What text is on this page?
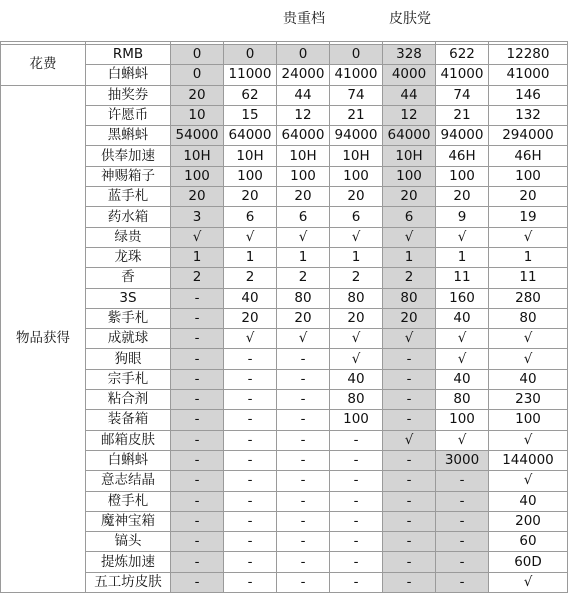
贵重档	皮肤党

花费	RMB	0	0	0	0	328	622	12280
	白蝌蚪	0	11000	24000	41000	4000	41000	41000
物品获得	抽奖券	20	62	44	74	44	74	146
	许愿币	10	15	12	21	12	21	132
	黑蝌蚪	54000	64000	64000	94000	64000	94000	294000
	供奉加速	10H	10H	10H	10H	10H	46H	46H
	神赐箱子	100	100	100	100	100	100	100
	蓝手札	20	20	20	20	20	20	20
	药水箱	3	6	6	6	6	9	19
	绿贵	√	√	√	√	√	√	√
	龙珠	1	1	1	1	1	1	1
	香	2	2	2	2	2	11	11
	3S	-	40	80	80	80	160	280
	紫手札	-	20	20	20	20	40	80
	成就球	-	√	√	√	√	√	√
	狗眼	-	-	-	√	-	√	√
	宗手札	-	-	-	40	-	40	40
	粘合剂	-	-	-	80	-	80	230
	装备箱	-	-	-	100	-	100	100
	邮箱皮肤	-	-	-	-	√	√	√
	白蝌蚪	-	-	-	-	-	3000	144000
	意志结晶	-	-	-	-	-	-	√
	橙手札	-	-	-	-	-	-	40
	魔神宝箱	-	-	-	-	-	-	200
	镐头	-	-	-	-	-	-	60
	提炼加速	-	-	-	-	-	-	60D
	五工坊皮肤	-	-	-	-	-	-	√
